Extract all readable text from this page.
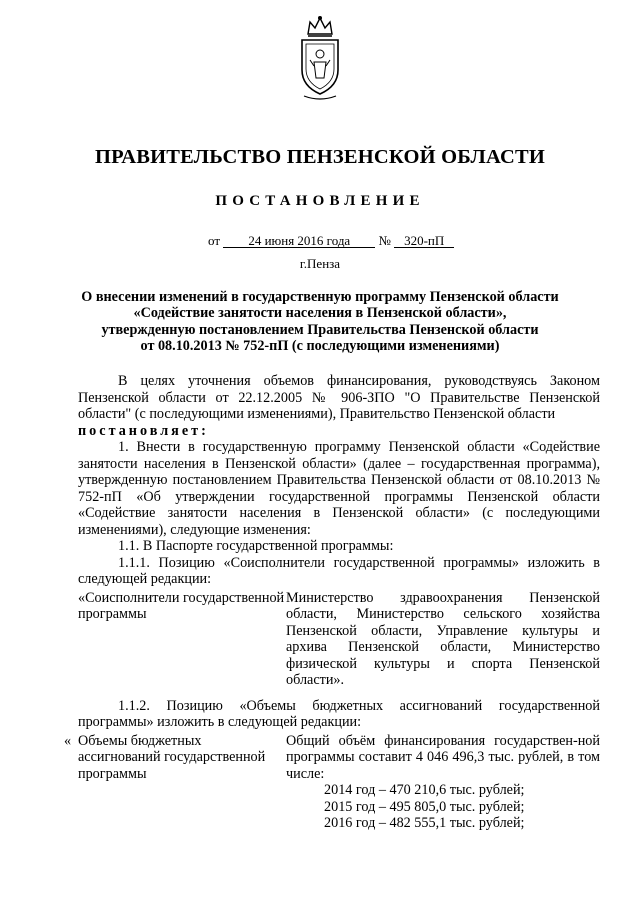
ПРАВИТЕЛЬСТВО ПЕНЗЕНСКОЙ ОБЛАСТИ
ПОСТАНОВЛЕНИЕ
от 24 июня 2016 года № 320-пП
г.Пенза
О внесении изменений в государственную программу Пензенской области
«Содействие занятости населения в Пензенской области»,
утвержденную постановлением Правительства Пензенской области
от 08.10.2013 № 752-пП (с последующими изменениями)

В целях уточнения объемов финансирования, руководствуясь Законом Пензенской области от 22.12.2005 № 906-ЗПО "О Правительстве Пензенской области" (с последующими изменениями), Правительство Пензенской области

постановляет:

1. Внести в государственную программу Пензенской области «Содействие занятости населения в Пензенской области» (далее – государственная программа), утвержденную постановлением Правительства Пензенской области от 08.10.2013 № 752-пП «Об утверждении государственной программы Пензенской области «Содействие занятости населения в Пензенской области» (с последующими изменениями), следующие изменения:

1.1. В Паспорте государственной программы:

1.1.1. Позицию «Соисполнители государственной программы» изложить в следующей редакции:

«Соисполнители государственной программы
Министерство здравоохранения Пензенской области, Министерство сельского хозяйства Пензенской области, Управление культуры и архива Пензенской области, Министерство физической культуры и спорта Пензенской области».

1.1.2. Позицию «Объемы бюджетных ассигнований государственной программы» изложить в следующей редакции:

« Объемы бюджетных ассигнований государственной программы
Общий объём финансирования государствен-ной программы составит 4 046 496,3 тыс. рублей, в том числе:
2014 год – 470 210,6 тыс. рублей;
2015 год – 495 805,0 тыс. рублей;
2016 год – 482 555,1 тыс. рублей;
